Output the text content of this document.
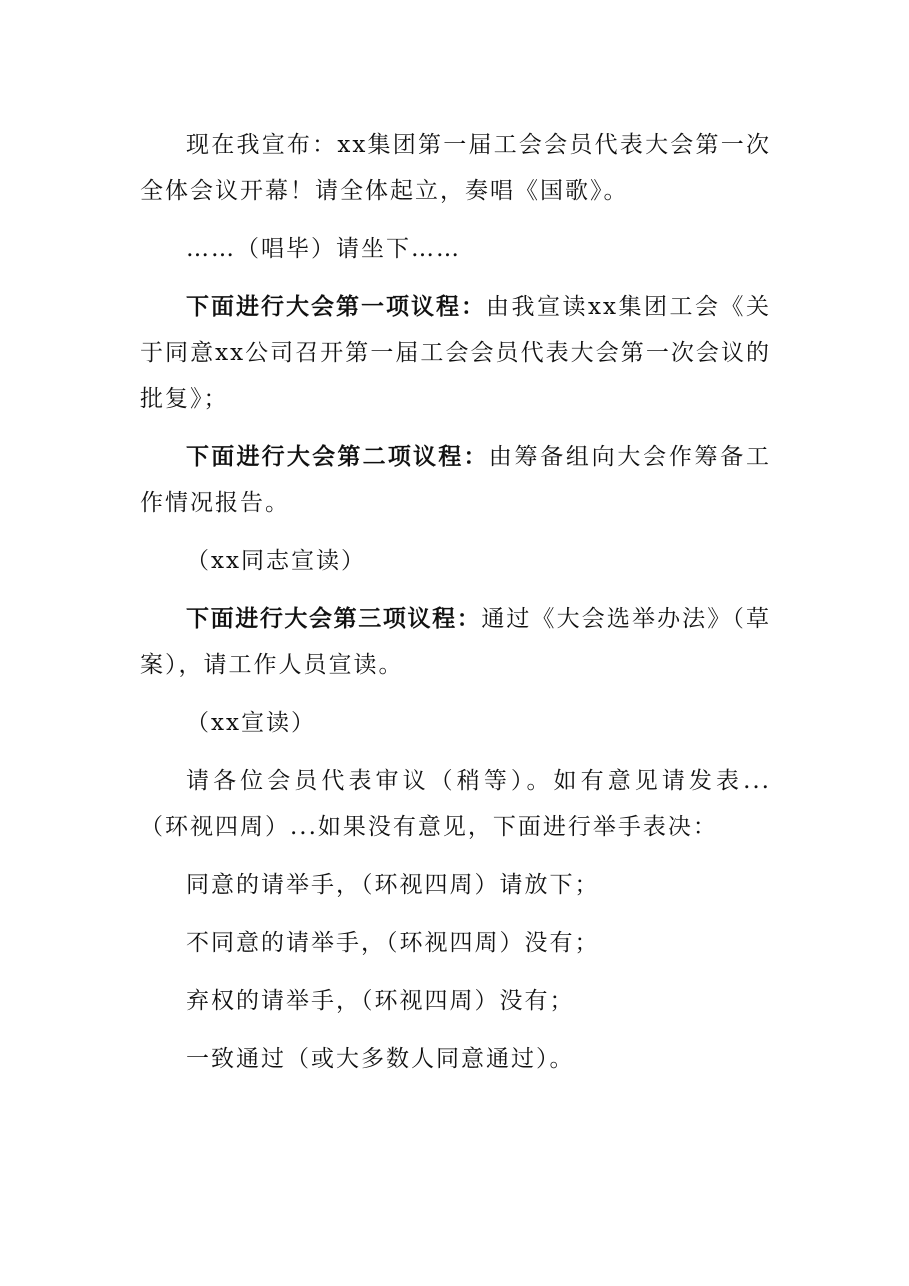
现在我宣布：xx集团第一届工会会员代表大会第一次全体会议开幕！请全体起立，奏唱《国歌》。

……（唱毕）请坐下……

下面进行大会第一项议程：由我宣读xx集团工会《关于同意xx公司召开第一届工会会员代表大会第一次会议的批复》；

下面进行大会第二项议程：由筹备组向大会作筹备工作情况报告。

（xx同志宣读）

下面进行大会第三项议程：通过《大会选举办法》（草案），请工作人员宣读。

（xx宣读）

请各位会员代表审议（稍等）。如有意见请发表...（环视四周）...如果没有意见，下面进行举手表决：

同意的请举手，（环视四周）请放下；

不同意的请举手，（环视四周）没有；

弃权的请举手，（环视四周）没有；

一致通过（或大多数人同意通过）。
